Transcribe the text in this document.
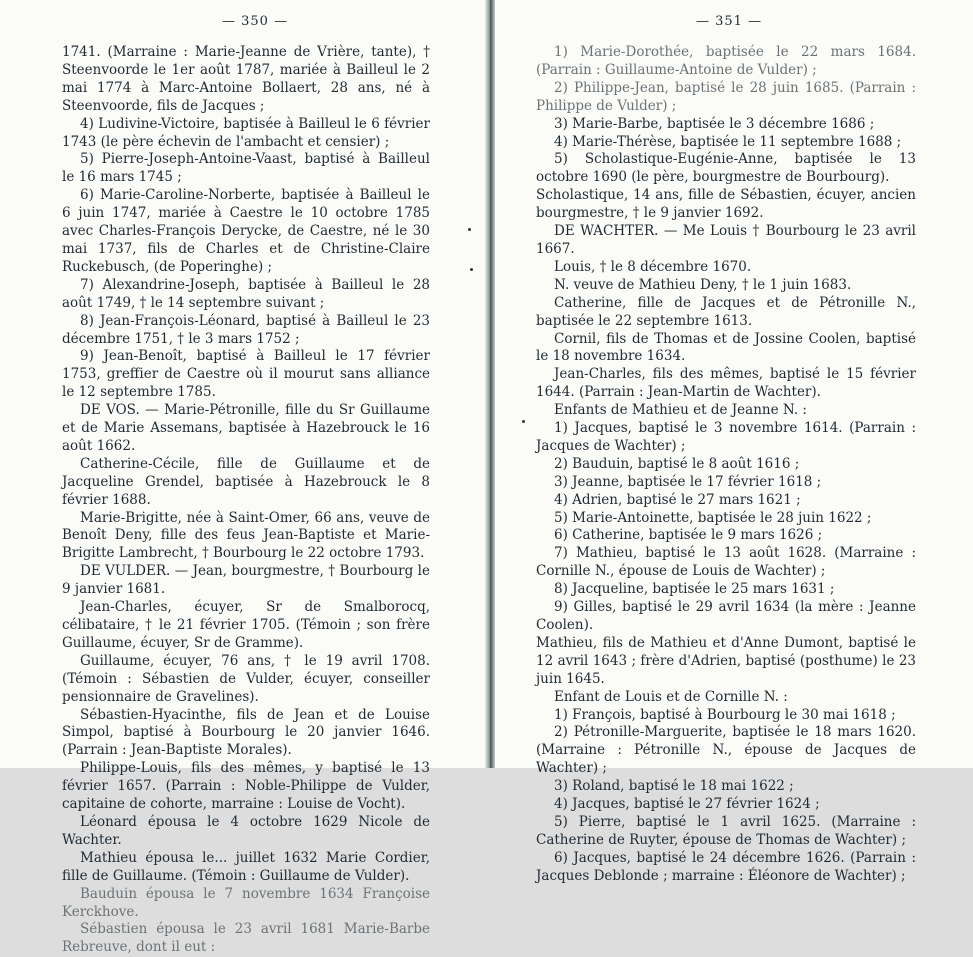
— 350 —

1741. (Marraine : Marie-Jeanne de Vrière, tante), † Steenvoorde le 1er août 1787, mariée à Bailleul le 2 mai 1774 à Marc-Antoine Bollaert, 28 ans, né à Steenvoorde, fils de Jacques ;

4) Ludivine-Victoire, baptisée à Bailleul le 6 février 1743 (le père échevin de l'ambacht et censier) ;

5) Pierre-Joseph-Antoine-Vaast, baptisé à Bailleul le 16 mars 1745 ;

6) Marie-Caroline-Norberte, baptisée à Bailleul le 6 juin 1747, mariée à Caestre le 10 octobre 1785 avec Charles-François Derycke, de Caestre, né le 30 mai 1737, fils de Charles et de Christine-Claire Ruckebusch, (de Poperinghe) ;

7) Alexandrine-Joseph, baptisée à Bailleul le 28 août 1749, † le 14 septembre suivant ;

8) Jean-François-Léonard, baptisé à Bailleul le 23 décembre 1751, † le 3 mars 1752 ;

9) Jean-Benoît, baptisé à Bailleul le 17 février 1753, greffier de Caestre où il mourut sans alliance le 12 septembre 1785.

DE VOS. — Marie-Pétronille, fille du Sr Guillaume et de Marie Assemans, baptisée à Hazebrouck le 16 août 1662.

Catherine-Cécile, fille de Guillaume et de Jacqueline Grendel, baptisée à Hazebrouck le 8 février 1688.

Marie-Brigitte, née à Saint-Omer, 66 ans, veuve de Benoît Deny, fille des feus Jean-Baptiste et Marie-Brigitte Lambrecht, † Bourbourg le 22 octobre 1793.

DE VULDER. — Jean, bourgmestre, † Bourbourg le 9 janvier 1681.

Jean-Charles, écuyer, Sr de Smalborocq, célibataire, † le 21 février 1705. (Témoin ; son frère Guillaume, écuyer, Sr de Gramme).

Guillaume, écuyer, 76 ans, † le 19 avril 1708. (Témoin : Sébastien de Vulder, écuyer, conseiller pensionnaire de Gravelines).

Sébastien-Hyacinthe, fils de Jean et de Louise Simpol, baptisé à Bourbourg le 20 janvier 1646. (Parrain : Jean-Baptiste Morales).

Philippe-Louis, fils des mêmes, y baptisé le 13 février 1657. (Parrain : Noble-Philippe de Vulder, capitaine de cohorte, marraine : Louise de Vocht).

Léonard épousa le 4 octobre 1629 Nicole de Wachter.

Mathieu épousa le... juillet 1632 Marie Cordier, fille de Guillaume. (Témoin : Guillaume de Vulder).

Bauduin épousa le 7 novembre 1634 Françoise Kerckhove.

Sébastien épousa le 23 avril 1681 Marie-Barbe Rebreuve, dont il eut :

— 351 —

1) Marie-Dorothée, baptisée le 22 mars 1684. (Parrain : Guillaume-Antoine de Vulder) ;

2) Philippe-Jean, baptisé le 28 juin 1685. (Parrain : Philippe de Vulder) ;

3) Marie-Barbe, baptisée le 3 décembre 1686 ;

4) Marie-Thérèse, baptisée le 11 septembre 1688 ;

5) Scholastique-Eugénie-Anne, baptisée le 13 octobre 1690 (le père, bourgmestre de Bourbourg).

Scholastique, 14 ans, fille de Sébastien, écuyer, ancien bourgmestre, † le 9 janvier 1692.

DE WACHTER. — Me Louis † Bourbourg le 23 avril 1667.

Louis, † le 8 décembre 1670.

N. veuve de Mathieu Deny, † le 1 juin 1683.

Catherine, fille de Jacques et de Pétronille N., baptisée le 22 septembre 1613.

Cornil, fils de Thomas et de Jossine Coolen, baptisé le 18 novembre 1634.

Jean-Charles, fils des mêmes, baptisé le 15 février 1644. (Parrain : Jean-Martin de Wachter).

Enfants de Mathieu et de Jeanne N. :

1) Jacques, baptisé le 3 novembre 1614. (Parrain : Jacques de Wachter) ;

2) Bauduin, baptisé le 8 août 1616 ;

3) Jeanne, baptisée le 17 février 1618 ;

4) Adrien, baptisé le 27 mars 1621 ;

5) Marie-Antoinette, baptisée le 28 juin 1622 ;

6) Catherine, baptisée le 9 mars 1626 ;

7) Mathieu, baptisé le 13 août 1628. (Marraine : Cornille N., épouse de Louis de Wachter) ;

8) Jacqueline, baptisée le 25 mars 1631 ;

9) Gilles, baptisé le 29 avril 1634 (la mère : Jeanne Coolen).

Mathieu, fils de Mathieu et d'Anne Dumont, baptisé le 12 avril 1643 ; frère d'Adrien, baptisé (posthume) le 23 juin 1645.

Enfant de Louis et de Cornille N. :

1) François, baptisé à Bourbourg le 30 mai 1618 ;

2) Pétronille-Marguerite, baptisée le 18 mars 1620. (Marraine : Pétronille N., épouse de Jacques de Wachter) ;

3) Roland, baptisé le 18 mai 1622 ;

4) Jacques, baptisé le 27 février 1624 ;

5) Pierre, baptisé le 1 avril 1625. (Marraine : Catherine de Ruyter, épouse de Thomas de Wachter) ;

6) Jacques, baptisé le 24 décembre 1626. (Parrain : Jacques Deblonde ; marraine : Éléonore de Wachter) ;
